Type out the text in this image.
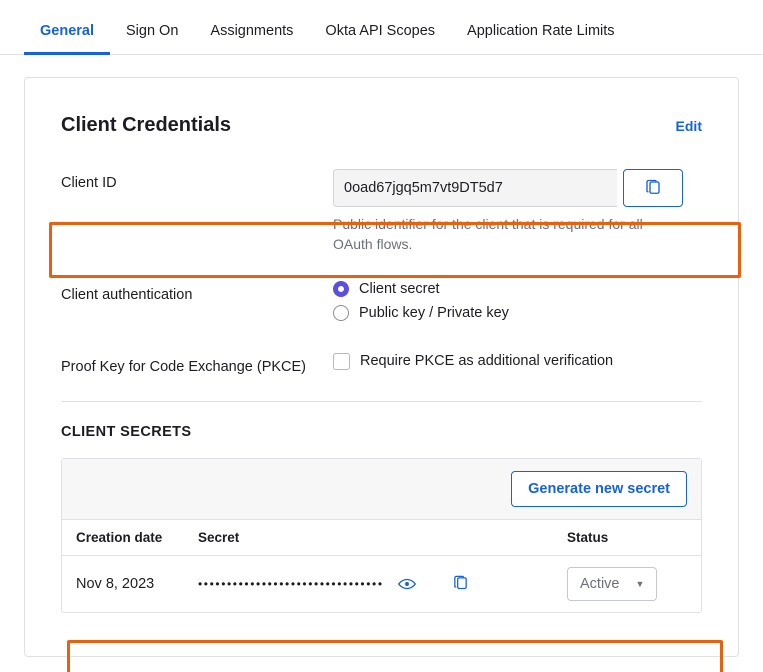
General	Sign On	Assignments	Okta API Scopes	Application Rate Limits
Client Credentials	Edit
Client ID	0oad67jgq5m7vt9DT5d7
Public identifier for the client that is required for all OAuth flows.
Client authentication	Client secret
Public key / Private key
Proof Key for Code Exchange (PKCE)	Require PKCE as additional verification
CLIENT SECRETS
Generate new secret
Creation date	Secret	Status
Nov 8, 2023	••••••••••••••••••••••••••••••••	Active ▼
